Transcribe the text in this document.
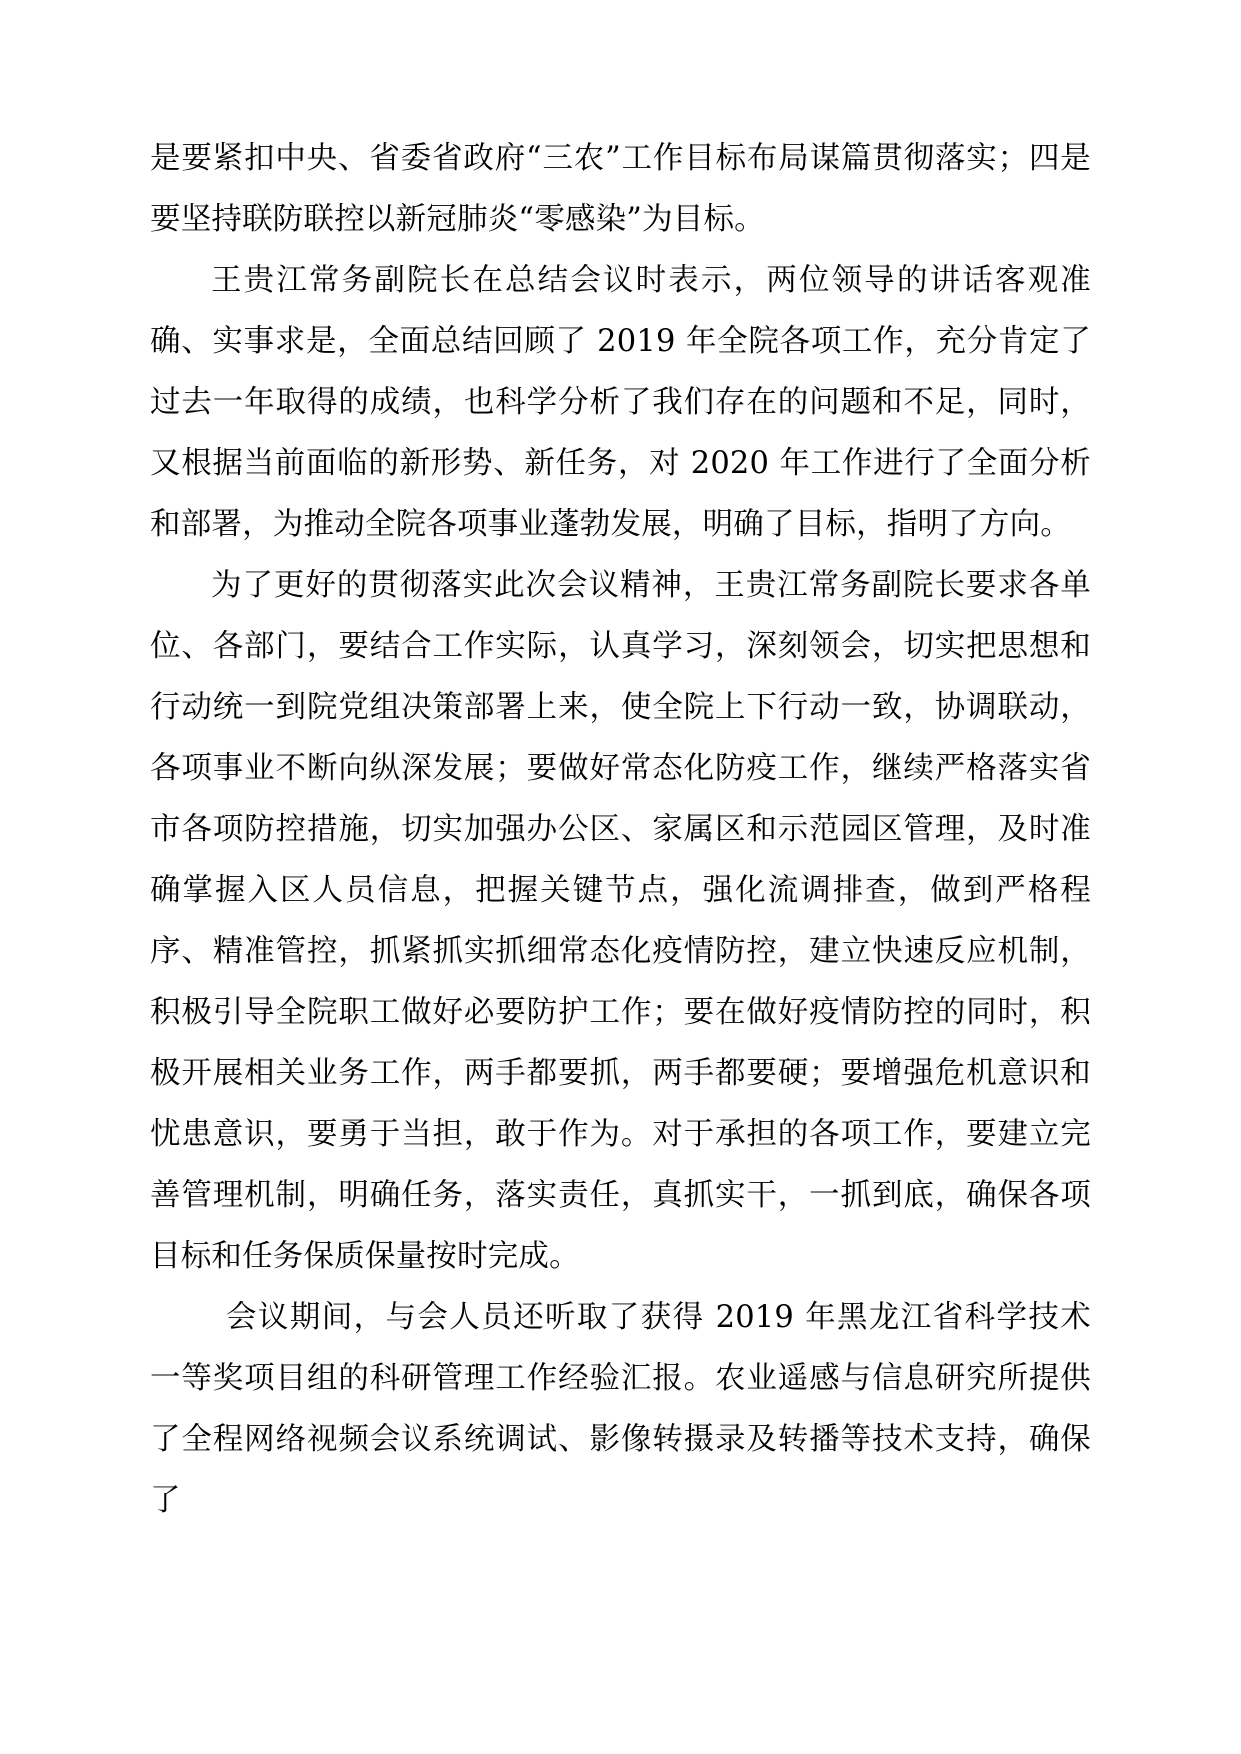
是要紧扣中央、省委省政府“三农”工作目标布局谋篇贯彻落实；四是要坚持联防联控以新冠肺炎“零感染”为目标。

王贵江常务副院长在总结会议时表示，两位领导的讲话客观准确、实事求是，全面总结回顾了 2019 年全院各项工作，充分肯定了过去一年取得的成绩，也科学分析了我们存在的问题和不足，同时，又根据当前面临的新形势、新任务，对 2020 年工作进行了全面分析和部署，为推动全院各项事业蓬勃发展，明确了目标，指明了方向。

为了更好的贯彻落实此次会议精神，王贵江常务副院长要求各单位、各部门，要结合工作实际，认真学习，深刻领会，切实把思想和行动统一到院党组决策部署上来，使全院上下行动一致，协调联动，各项事业不断向纵深发展；要做好常态化防疫工作，继续严格落实省市各项防控措施，切实加强办公区、家属区和示范园区管理，及时准确掌握入区人员信息，把握关键节点，强化流调排查，做到严格程序、精准管控，抓紧抓实抓细常态化疫情防控，建立快速反应机制，积极引导全院职工做好必要防护工作；要在做好疫情防控的同时，积极开展相关业务工作，两手都要抓，两手都要硬；要增强危机意识和忧患意识，要勇于当担，敢于作为。对于承担的各项工作，要建立完善管理机制，明确任务，落实责任，真抓实干，一抓到底，确保各项目标和任务保质保量按时完成。

会议期间，与会人员还听取了获得 2019 年黑龙江省科学技术一等奖项目组的科研管理工作经验汇报。农业遥感与信息研究所提供了全程网络视频会议系统调试、影像转摄录及转播等技术支持，确保了
